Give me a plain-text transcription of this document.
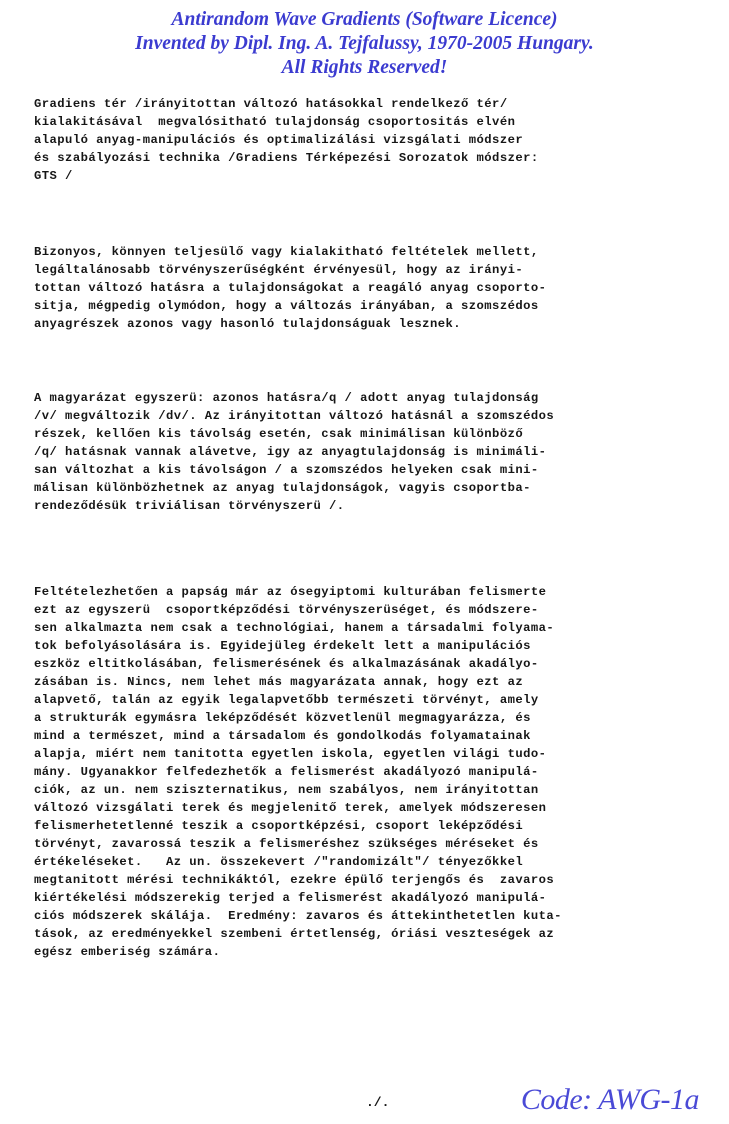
Antirandom Wave Gradients (Software Licence)
Invented by Dipl. Ing. A. Tejfalussy, 1970-2005 Hungary.
All Rights Reserved!
Gradiens tér /irányitottan változó hatásokkal rendelkező tér/
kialakitásával  megvalósitható tulajdonság csoportositás elvén
alapuló anyag-manipulációs és optimalizálási vizsgálati módszer
és szabályozási technika /Gradiens Térképezési Sorozatok módszer:
GTS /
Bizonyos, könnyen teljesülő vagy kialakitható feltételek mellett,
legáltalánosabb törvényszerűségként érvényesül, hogy az irányi-
tottan változó hatásra a tulajdonságokat a reagáló anyag csoporto-
sitja, mégpedig olymódon, hogy a változás irányában, a szomszédos
anyagrészek azonos vagy hasonló tulajdonságuak lesznek.
A magyarázat egyszerü: azonos hatásra/q / adott anyag tulajdonság
/v/ megváltozik /dv/. Az irányitottan változó hatásnál a szomszédos
részek, kellően kis távolság esetén, csak minimálisan különböző
/q/ hatásnak vannak alávetve, igy az anyagtulajdonság is minimáli-
san változhat a kis távolságon / a szomszédos helyeken csak mini-
málisan különbözhetnek az anyag tulajdonságok, vagyis csoportba-
rendeződésük triviálisan törvényszerü /.
Feltételezhetően a papság már az ósegyiptomi kulturában felismerte
ezt az egyszerü  csoportképződési törvényszerüséget, és módszere-
sen alkalmazta nem csak a technológiai, hanem a társadalmi folyama-
tok befolyásolására is. Egyidejüleg érdekelt lett a manipulációs
eszköz eltitkolásában, felismerésének és alkalmazásának akadályo-
zásában is. Nincs, nem lehet más magyarázata annak, hogy ezt az
alapvető, talán az egyik legalapvetőbb természeti törvényt, amely
a strukturák egymásra leképződését közvetlenül megmagyarázza, és
mind a természet, mind a társadalom és gondolkodás folyamatainak
alapja, miért nem tanitotta egyetlen iskola, egyetlen világi tudo-
mány. Ugyanakkor felfedezhetők a felismerést akadályozó manipulá-
ciók, az un. nem sziszternatikus, nem szabályos, nem irányitottan
változó vizsgálati terek és megjelenitő terek, amelyek módszeresen
felismerhetetlenné teszik a csoportképzési, csoport leképződési
törvényt, zavarossá teszik a felismeréshez szükséges méréseket és
értékeléseket.   Az un. összekevert /"randomizált"/ tényezőkkel
megtanitott mérési technikáktól, ezekre épülő terjengős és  zavaros
kiértékelési módszerekig terjed a felismerést akadályozó manipulá-
ciós módszerek skálája.  Eredmény: zavaros és áttekinthetetlen kuta-
tások, az eredményekkel szembeni értetlenség, óriási veszteségek az
egész emberiség számára.
./.	Code: AWG-1a
